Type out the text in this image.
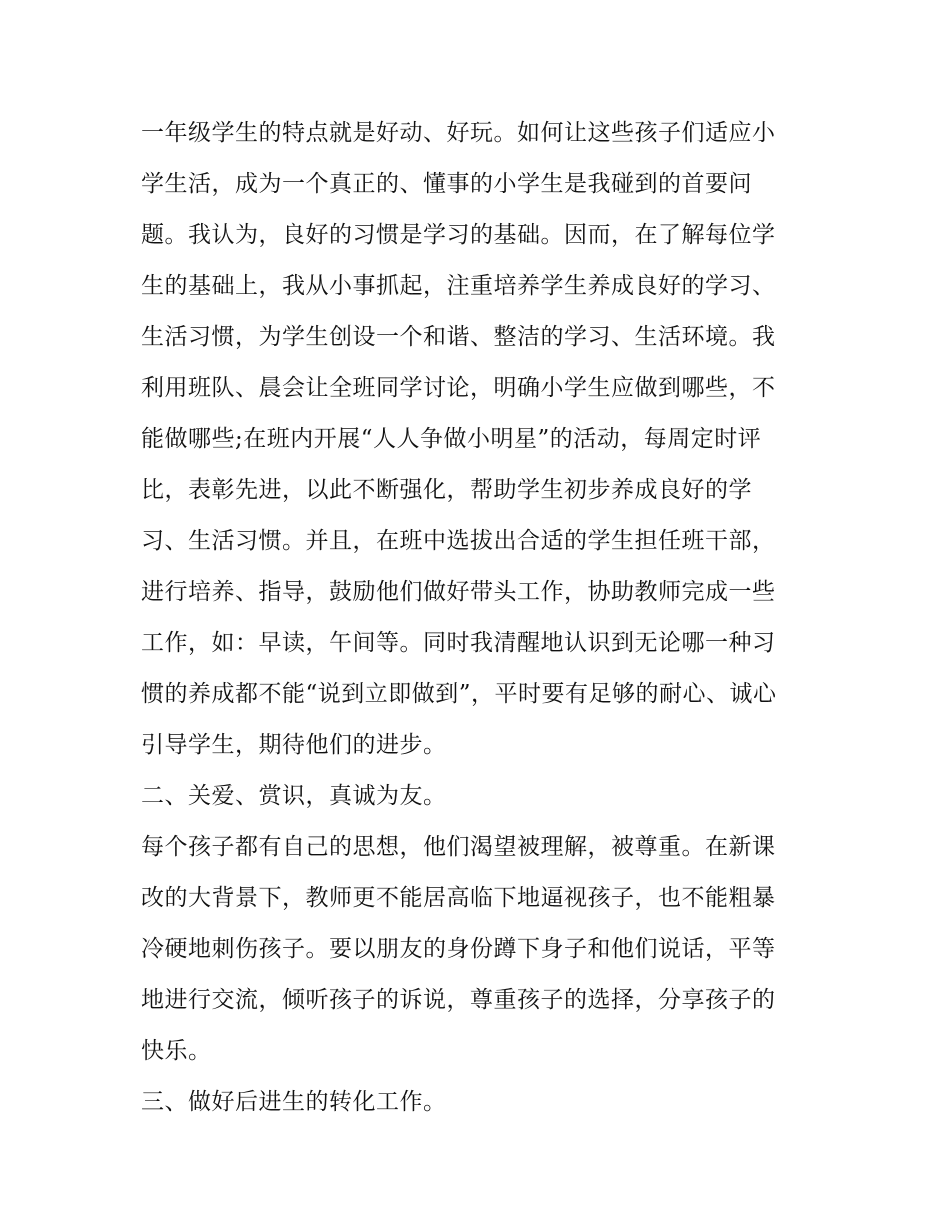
一年级学生的特点就是好动、好玩。如何让这些孩子们适应小

学生活，成为一个真正的、懂事的小学生是我碰到的首要问

题。我认为，良好的习惯是学习的基础。因而，在了解每位学

生的基础上，我从小事抓起，注重培养学生养成良好的学习、

生活习惯，为学生创设一个和谐、整洁的学习、生活环境。我

利用班队、晨会让全班同学讨论，明确小学生应做到哪些，不

能做哪些;在班内开展“人人争做小明星”的活动，每周定时评

比，表彰先进，以此不断强化，帮助学生初步养成良好的学

习、生活习惯。并且，在班中选拔出合适的学生担任班干部，

进行培养、指导，鼓励他们做好带头工作，协助教师完成一些

工作，如：早读，午间等。同时我清醒地认识到无论哪一种习

惯的养成都不能“说到立即做到”，平时要有足够的耐心、诚心

引导学生，期待他们的进步。

二、关爱、赏识，真诚为友。

每个孩子都有自己的思想，他们渴望被理解，被尊重。在新课

改的大背景下，教师更不能居高临下地逼视孩子，也不能粗暴

冷硬地刺伤孩子。要以朋友的身份蹲下身子和他们说话，平等

地进行交流，倾听孩子的诉说，尊重孩子的选择，分享孩子的

快乐。

三、做好后进生的转化工作。
